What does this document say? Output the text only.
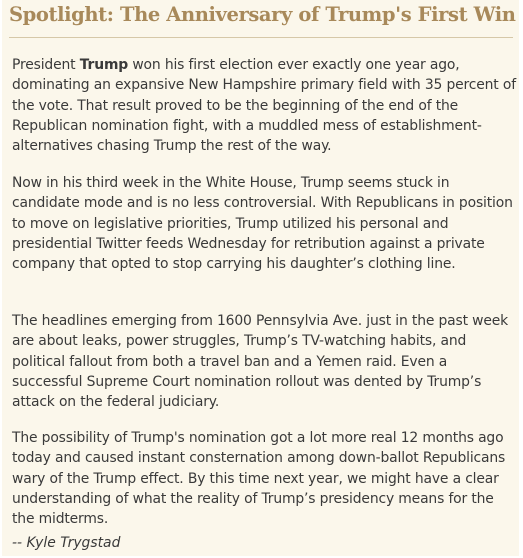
Spotlight: The Anniversary of Trump's First Win

President Trump won his first election ever exactly one year ago, dominating an expansive New Hampshire primary field with 35 percent of the vote. That result proved to be the beginning of the end of the Republican nomination fight, with a muddled mess of establishment-alternatives chasing Trump the rest of the way.

Now in his third week in the White House, Trump seems stuck in candidate mode and is no less controversial. With Republicans in position to move on legislative priorities, Trump utilized his personal and presidential Twitter feeds Wednesday for retribution against a private company that opted to stop carrying his daughter’s clothing line.

The headlines emerging from 1600 Pennsylvia Ave. just in the past week are about leaks, power struggles, Trump’s TV-watching habits, and political fallout from both a travel ban and a Yemen raid. Even a successful Supreme Court nomination rollout was dented by Trump’s attack on the federal judiciary.

The possibility of Trump's nomination got a lot more real 12 months ago today and caused instant consternation among down-ballot Republicans wary of the Trump effect. By this time next year, we might have a clear understanding of what the reality of Trump’s presidency means for the the midterms.

-- Kyle Trygstad
